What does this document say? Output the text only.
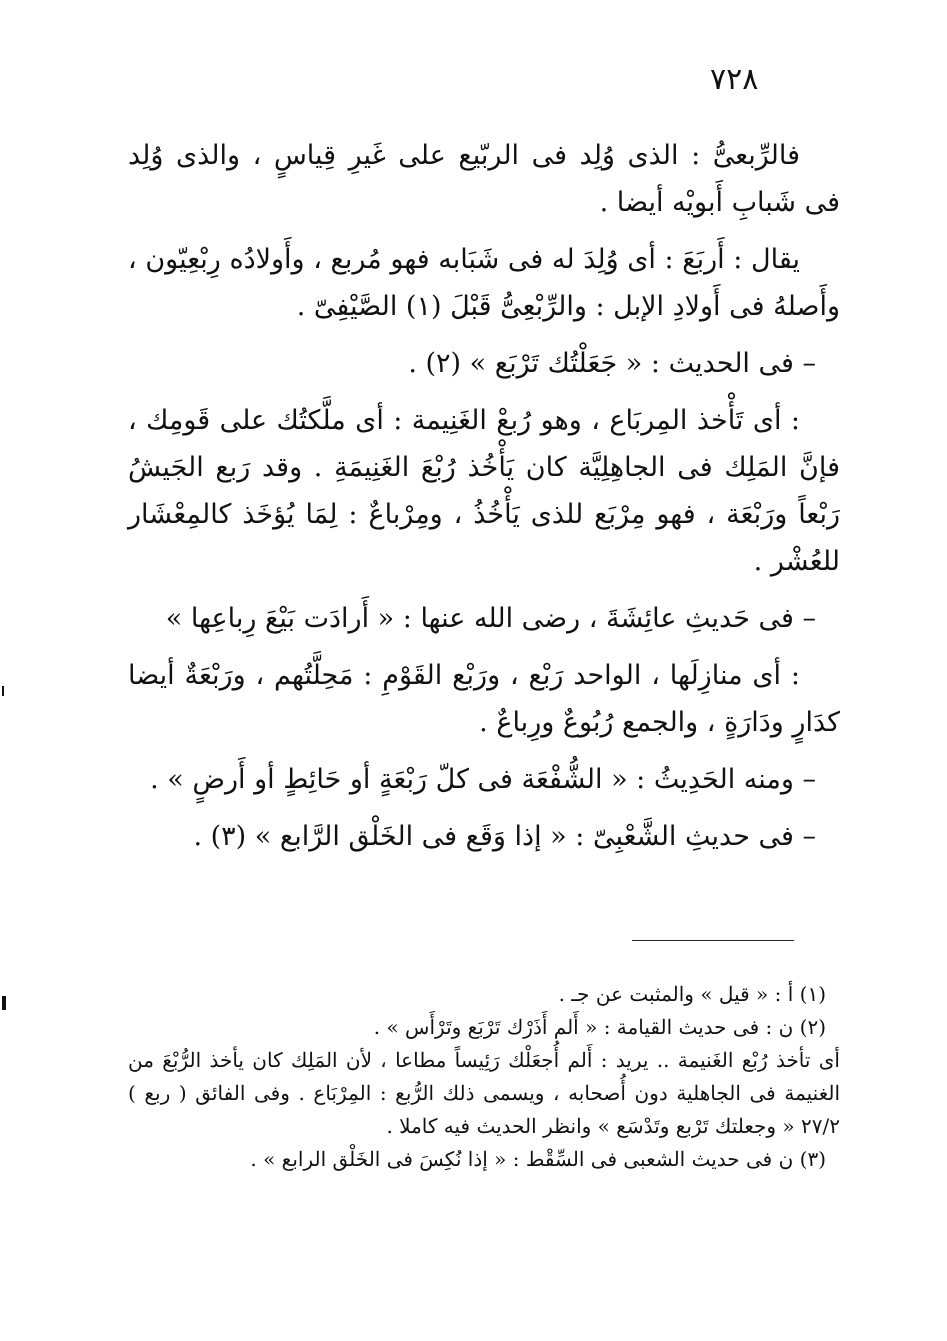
٧٢٨

فالرِّبعىُّ : الذى وُلِد فى الربّيع على غَيرِ قِياسٍ ، والذى وُلِد فى شَبابِ أَبويْه أيضا .

يقال : أَربَعَ : أى وُلِدَ له فى شَبَابه فهو مُربع ، وأَولادُه رِبْعِيّون ، وأَصلهُ فى أَولادِ الإبل : والرِّبْعِىُّ قَبْلَ (١) الصَّيْفِىّ .

– فى الحديث : « جَعَلْتُك تَرْبَع » (٢) .

: أى تَأْخذ المِربَاع ، وهو رُبعْ الغَنِيمة : أى ملَّكتُك على قَومِك ، فإنَّ المَلِك فى الجاهِلِيَّة كان يَأْخُذ رُبْعَ الغَنِيمَةِ . وقد رَبع الجَيشُ رَبْعاً ورَبْعَة ، فهو مِرْبَع للذى يَأْخُذُ ، ومِرْباعٌ : لِمَا يُؤخَذ كالمِعْشَار للعُشْر .

– فى حَديثِ عائِشَةَ ، رضى الله عنها : « أَرادَت بَيْعَ رِباعِها »

: أى منازِلَها ، الواحد رَبْع ، ورَبْع القَوْمِ : مَحِلَّتُهم ، ورَبْعَةٌ أيضا كدَارٍ ودَارَةٍ ، والجمع رُبُوعٌ ورِباعٌ .

– ومنه الحَدِيثُ : « الشُّفْعَة فى كلّ رَبْعَةٍ أو حَائِطٍ أو أَرضٍ » .

– فى حديثِ الشَّعْبِىّ : « إذا وَقَع فى الخَلْق الرَّابع » (٣) .

(١) أ : « قيل » والمثبت عن جـ .

(٢) ن : فى حديث القيامة : « أَلم أَذَرْك تَرْبَع وتَرْأَس » .

أى تأخذ رُبْع الغَنيمة .. يريد : أَلم أُجعَلْك رَئِيساً مطاعا ، لأن المَلِك كان يأخذ الرُّبْعَ من الغنيمة فى الجاهلية دون أُصحابه ، ويسمى ذلك الرُّبع : المِرْبَاع . وفى الفائق ( ربع ) ٢٧/٢ « وجعلتك تَرْبع وتَدْسَع » وانظر الحديث فيه كاملا .

(٣) ن فى حديث الشعبى فى السِّقْط : « إذا نُكِسَ فى الخَلْق الرابع » .
